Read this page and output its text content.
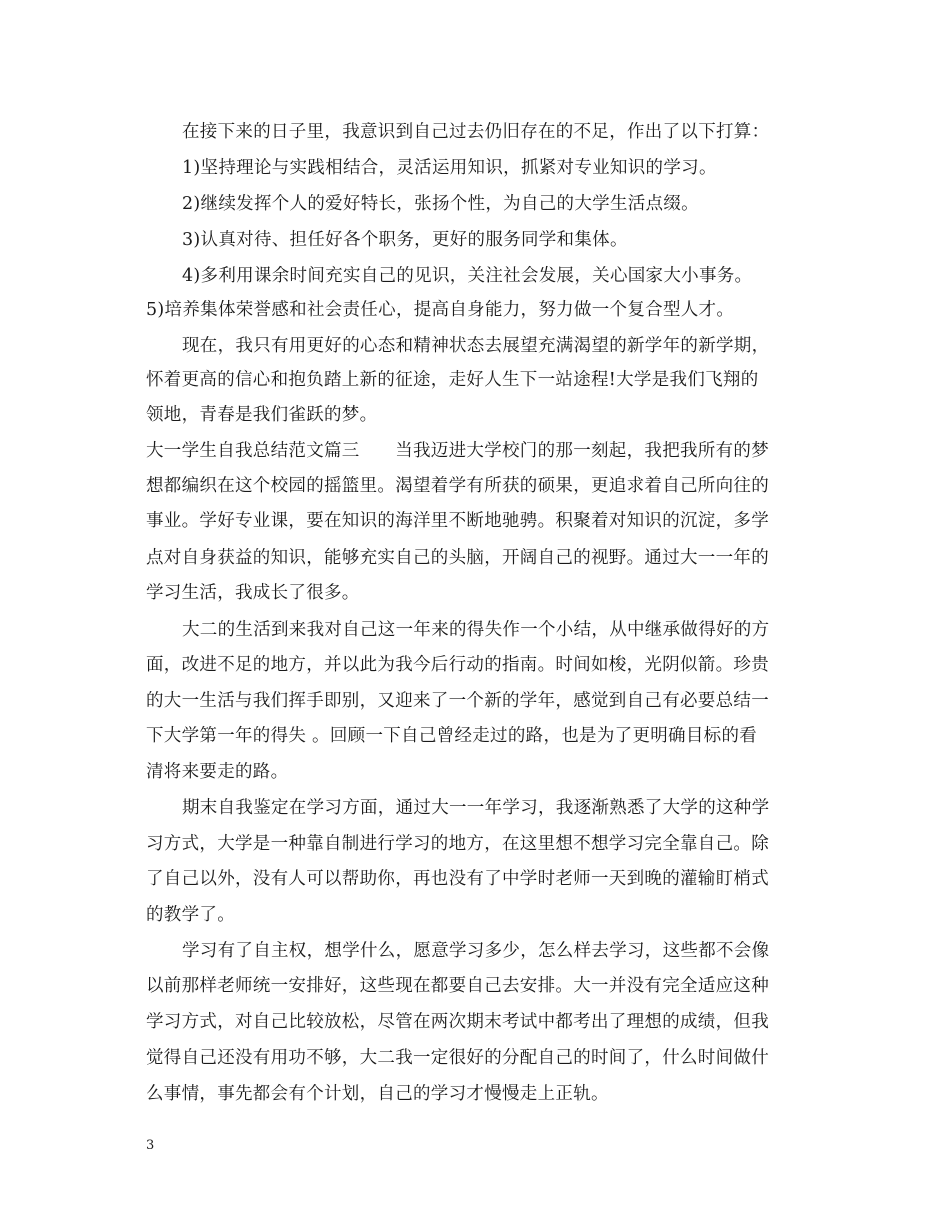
在接下来的日子里，我意识到自己过去仍旧存在的不足，作出了以下打算：
1)坚持理论与实践相结合，灵活运用知识，抓紧对专业知识的学习。
2)继续发挥个人的爱好特长，张扬个性，为自己的大学生活点缀。
3)认真对待、担任好各个职务，更好的服务同学和集体。
4)多利用课余时间充实自己的见识，关注社会发展，关心国家大小事务。
5)培养集体荣誉感和社会责任心，提高自身能力，努力做一个复合型人才。
现在，我只有用更好的心态和精神状态去展望充满渴望的新学年的新学期，
怀着更高的信心和抱负踏上新的征途，走好人生下一站途程!大学是我们飞翔的
领地，青春是我们雀跃的梦。
大一学生自我总结范文篇三　　当我迈进大学校门的那一刻起，我把我所有的梦
想都编织在这个校园的摇篮里。渴望着学有所获的硕果，更追求着自己所向往的
事业。学好专业课，要在知识的海洋里不断地驰骋。积聚着对知识的沉淀，多学
点对自身获益的知识，能够充实自己的头脑，开阔自己的视野。通过大一一年的
学习生活，我成长了很多。
大二的生活到来我对自己这一年来的得失作一个小结，从中继承做得好的方
面，改进不足的地方，并以此为我今后行动的指南。时间如梭，光阴似箭。珍贵
的大一生活与我们挥手即别，又迎来了一个新的学年，感觉到自己有必要总结一
下大学第一年的得失 。回顾一下自己曾经走过的路，也是为了更明确目标的看
清将来要走的路。
期末自我鉴定在学习方面，通过大一一年学习，我逐渐熟悉了大学的这种学
习方式，大学是一种靠自制进行学习的地方，在这里想不想学习完全靠自己。除
了自己以外，没有人可以帮助你，再也没有了中学时老师一天到晚的灌输盯梢式
的教学了。
学习有了自主权，想学什么，愿意学习多少，怎么样去学习，这些都不会像
以前那样老师统一安排好，这些现在都要自己去安排。大一并没有完全适应这种
学习方式，对自己比较放松，尽管在两次期末考试中都考出了理想的成绩，但我
觉得自己还没有用功不够，大二我一定很好的分配自己的时间了，什么时间做什
么事情，事先都会有个计划，自己的学习才慢慢走上正轨。
3
